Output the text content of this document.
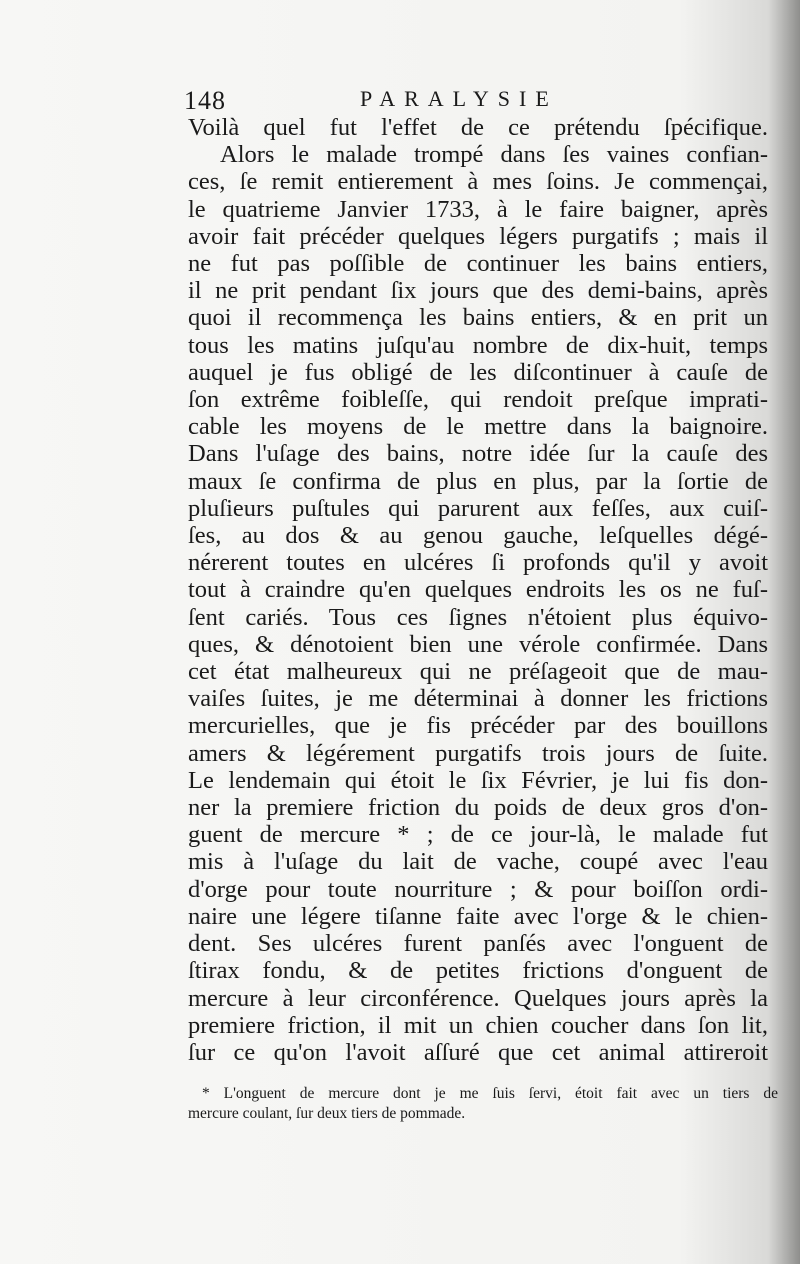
148	PARALYSIE
Voilà quel fut l'effet de ce prétendu ſpécifique.
Alors le malade trompé dans ſes vaines confian-
ces, ſe remit entierement à mes ſoins. Je commençai,
le quatrieme Janvier 1733, à le faire baigner, après
avoir fait précéder quelques légers purgatifs ; mais il
ne fut pas poſſible de continuer les bains entiers,
il ne prit pendant ſix jours que des demi-bains, après
quoi il recommença les bains entiers, & en prit un
tous les matins juſqu'au nombre de dix-huit, temps
auquel je fus obligé de les diſcontinuer à cauſe de
ſon extrême foibleſſe, qui rendoit preſque imprati-
cable les moyens de le mettre dans la baignoire.
Dans l'uſage des bains, notre idée ſur la cauſe des
maux ſe confirma de plus en plus, par la ſortie de
pluſieurs puſtules qui parurent aux feſſes, aux cuiſ-
ſes, au dos & au genou gauche, leſquelles dégé-
nérerent toutes en ulcéres ſi profonds qu'il y avoit
tout à craindre qu'en quelques endroits les os ne fuſ-
ſent cariés. Tous ces ſignes n'étoient plus équivo-
ques, & dénotoient bien une vérole confirmée. Dans
cet état malheureux qui ne préſageoit que de mau-
vaiſes ſuites, je me déterminai à donner les frictions
mercurielles, que je fis précéder par des bouillons
amers & légérement purgatifs trois jours de ſuite.
Le lendemain qui étoit le ſix Février, je lui fis don-
ner la premiere friction du poids de deux gros d'on-
guent de mercure * ; de ce jour-là, le malade fut
mis à l'uſage du lait de vache, coupé avec l'eau
d'orge pour toute nourriture ; & pour boiſſon ordi-
naire une légere tiſanne faite avec l'orge & le chien-
dent. Ses ulcéres furent panſés avec l'onguent de
ſtirax fondu, & de petites frictions d'onguent de
mercure à leur circonférence. Quelques jours après la
premiere friction, il mit un chien coucher dans ſon lit,
ſur ce qu'on l'avoit aſſuré que cet animal attireroit
* L'onguent de mercure dont je me ſuis ſervi, étoit fait avec un tiers de
mercure coulant, ſur deux tiers de pommade.
